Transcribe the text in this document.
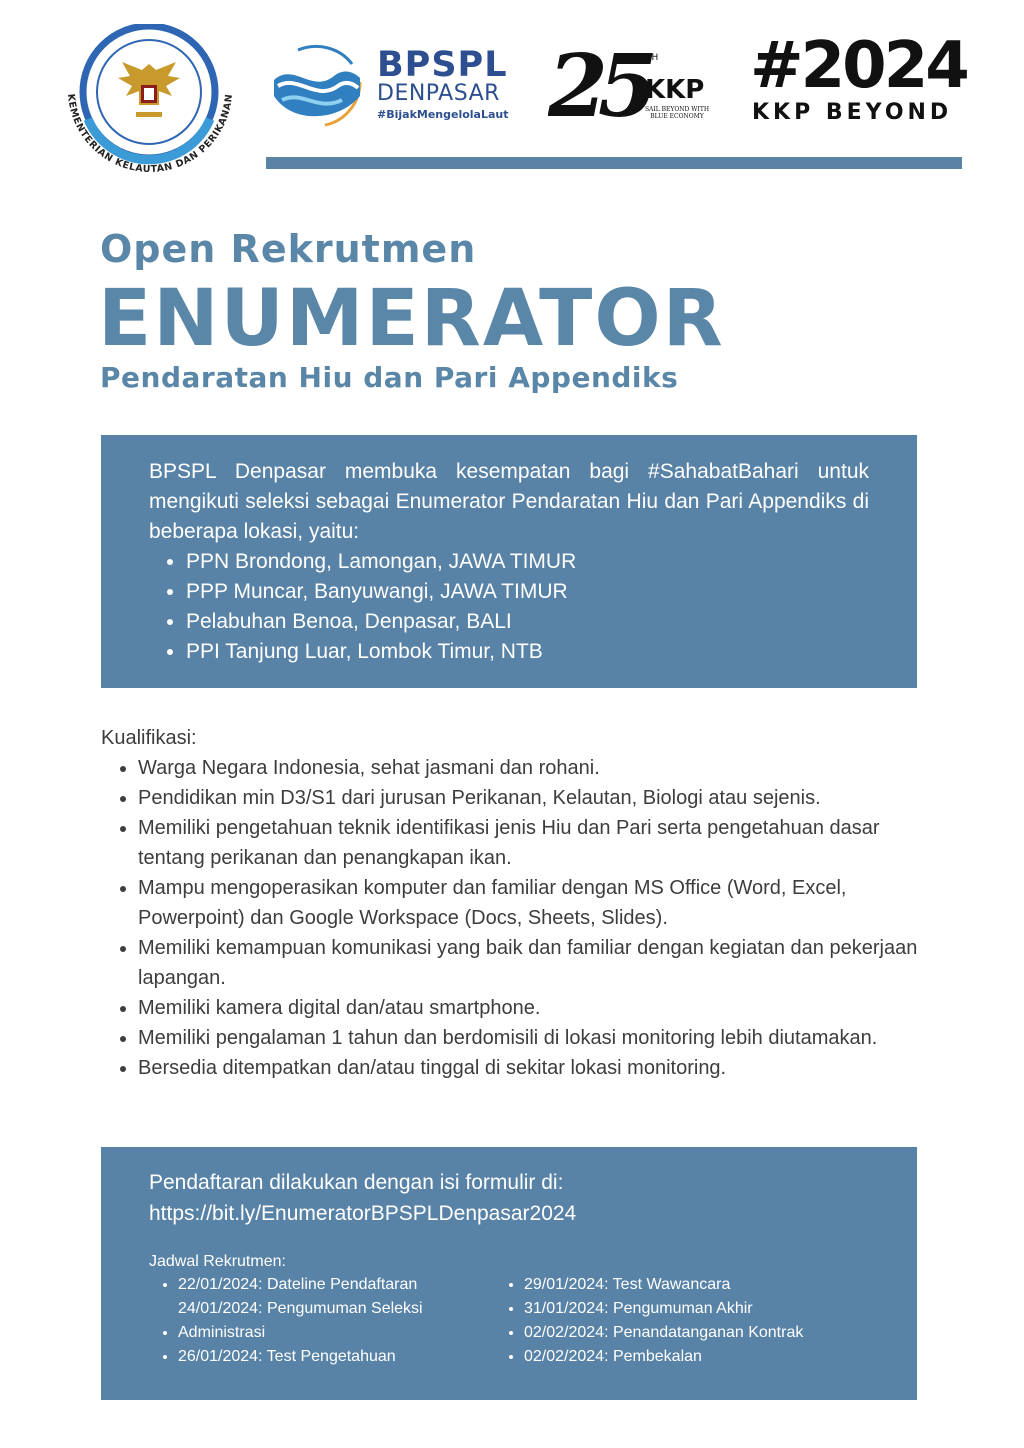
KEMENTERIAN KELAUTAN DAN PERIKANAN
BPSPL
DENPASAR
#BijakMengelolaLaut 25
TH
KKP
SAIL BEYOND WITH BLUE ECONOMY
#2024
KKP BEYOND
Open Rekrutmen
ENUMERATOR
Pendaratan Hiu dan Pari Appendiks

BPSPL Denpasar membuka kesempatan bagi #SahabatBahari untuk mengikuti seleksi sebagai Enumerator Pendaratan Hiu dan Pari Appendiks di beberapa lokasi, yaitu:

• PPN Brondong, Lamongan, JAWA TIMUR
• PPP Muncar, Banyuwangi, JAWA TIMUR
• Pelabuhan Benoa, Denpasar, BALI
• PPI Tanjung Luar, Lombok Timur, NTB

Kualifikasi:

• Warga Negara Indonesia, sehat jasmani dan rohani.
• Pendidikan min D3/S1 dari jurusan Perikanan, Kelautan, Biologi atau sejenis.
• Memiliki pengetahuan teknik identifikasi jenis Hiu dan Pari serta pengetahuan dasar tentang perikanan dan penangkapan ikan.
• Mampu mengoperasikan komputer dan familiar dengan MS Office (Word, Excel, Powerpoint) dan Google Workspace (Docs, Sheets, Slides).
• Memiliki kemampuan komunikasi yang baik dan familiar dengan kegiatan dan pekerjaan lapangan.
• Memiliki kamera digital dan/atau smartphone.
• Memiliki pengalaman 1 tahun dan berdomisili di lokasi monitoring lebih diutamakan.
• Bersedia ditempatkan dan/atau tinggal di sekitar lokasi monitoring.

Pendaftaran dilakukan dengan isi formulir di:

https://bit.ly/EnumeratorBPSPLDenpasar2024

Jadwal Rekrutmen:

• 22/01/2024: Dateline Pendaftaran
• 24/01/2024: Pengumuman Seleksi Administrasi
• 26/01/2024: Test Pengetahuan
• 29/01/2024: Test Wawancara
• 31/01/2024: Pengumuman Akhir
• 02/02/2024: Penandatanganan Kontrak
• 02/02/2024: Pembekalan
